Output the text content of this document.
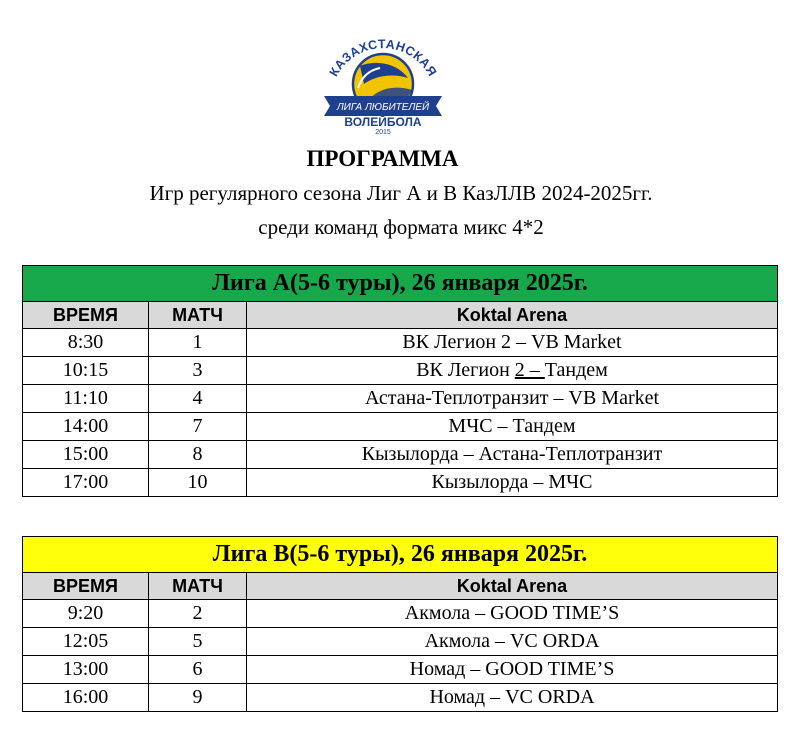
КАЗАХСТАНСКАЯ
ЛИГА ЛЮБИТЕЛЕЙ
ВОЛЕЙБОЛА
2015
ПРОГРАММА
Игр регулярного сезона Лиг А и В КазЛЛВ 2024-2025гг.
среди команд формата микс 4*2
Лига А(5-6 туры), 26 января 2025г.		
ВРЕМЯ	МАТЧ	Koktal Arena
8:30	1	ВК Легион 2 – VB Market
10:15	3	ВК Легион 2 – Тандем
11:10	4	Астана-Теплотранзит – VB Market
14:00	7	МЧС – Тандем
15:00	8	Кызылорда – Астана-Теплотранзит
17:00	10	Кызылорда – МЧС
Лига В(5-6 туры), 26 января 2025г.		
ВРЕМЯ	МАТЧ	Koktal Arena
9:20	2	Акмола – GOOD TIME’S
12:05	5	Акмола – VC ORDA
13:00	6	Номад – GOOD TIME’S
16:00	9	Номад – VC ORDA
